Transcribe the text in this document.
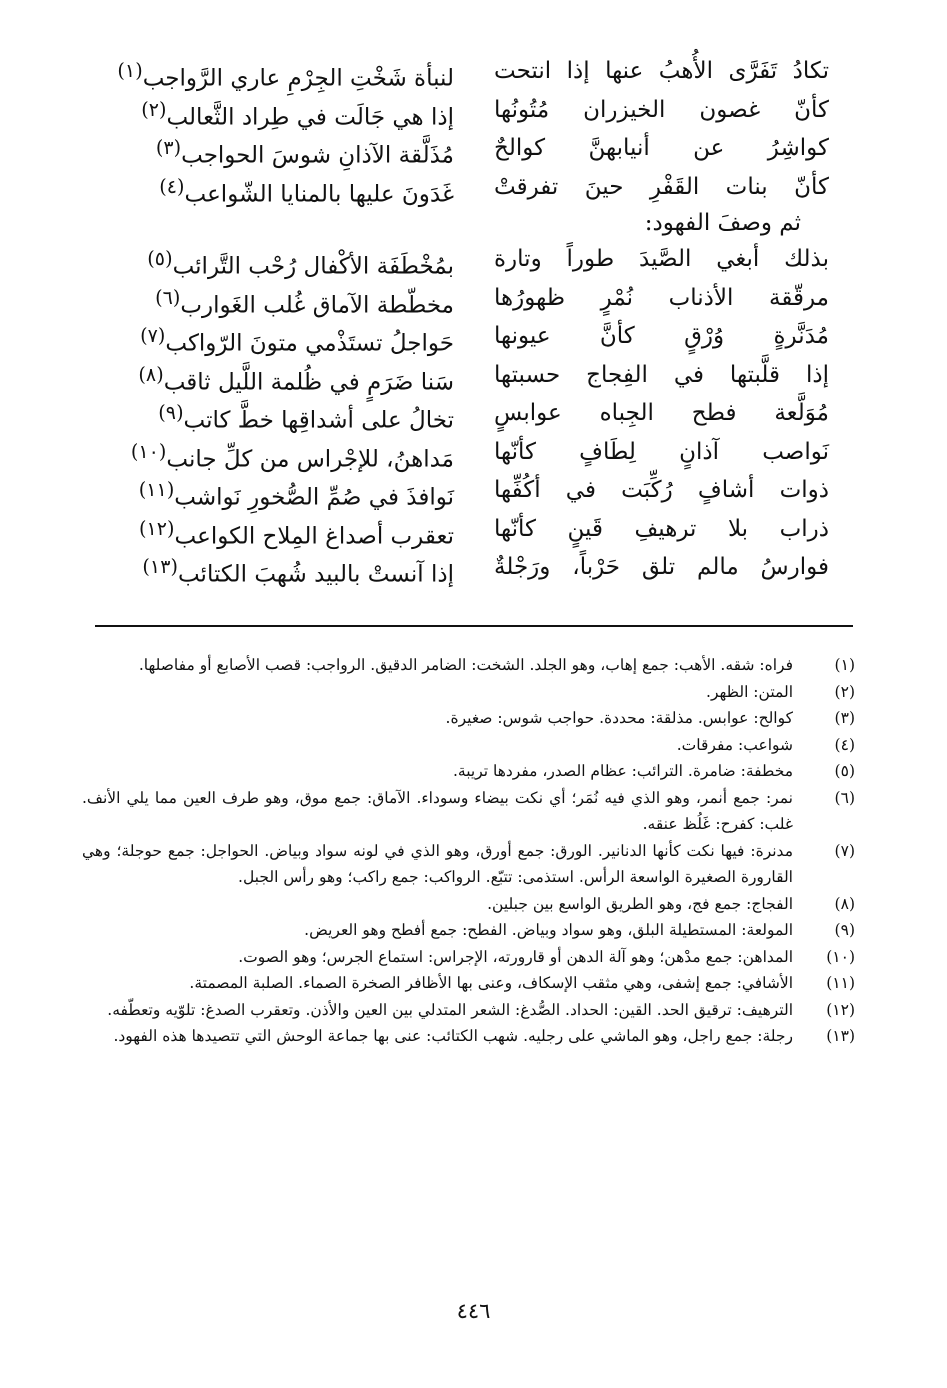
تكادُ تَفَرَّى الأُهبُ عنها إذا انتحت
لنبأة شَخْتِ الجِرْمِ عاري الرَّواجب$^{(١)}$
كأنّ غصون الخيزران مُتُونُها
إذا هي جَالَت في طِراد الثَّعالب$^{(٢)}$
كواشِرُ عن أنيابهنَّ كوالحٌ
مُذَلَّقة الآذانِ شوسَ الحواجب$^{(٣)}$
كأنّ بنات القَفْرِ حينَ تفرقتْ
غَدَونَ عليها بالمنايا الشّواعب$^{(٤)}$
ثم وصفَ الفهود:
بذلك أبغي الصَّيدَ طوراً وتارة
بمُخْطَفَة الأكْفال رُحْب التَّرائب$^{(٥)}$
مرقّقة الأذناب نُمْرٍ ظهورُها
مخطّطة الآماق غُلب الغَوارب$^{(٦)}$
مُدَنَّرةٍ وُرْقٍ كأنَّ عيونها
حَواجلُ تستَذْمي متونَ الرّواكب$^{(٧)}$
إذا قلَّبتها في الفِجاج حسبتها
سَنا ضَرَمٍ في ظُلمة اللَّيل ثاقب$^{(٨)}$
مُوَلَّعة فطح الجِباه عوابسٍ
تخالُ على أشداقِها خطَّ كاتب$^{(٩)}$
نَواصب آذانٍ لِطَافٍ كأنّها
مَداهنُ، للإجْراس من كلِّ جانب$^{(١٠)}$
ذوات أشافٍ رُكِّبَت في أكُفِّها
نَوافذَ في صُمِّ الصُّخورِ نَواشب$^{(١١)}$
ذراب بلا ترهيفِ قَينٍ كأنّها
تعقرب أصداغ المِلاح الكواعب$^{(١٢)}$
فوارسُ مالم تلق حَرْباً، ورَجْلةٌ
إذا آنستْ بالبيد شُهبَ الكتائب$^{(١٣)}$
(١)
فراه: شقه. الأهب: جمع إهاب، وهو الجلد. الشخت: الضامر الدقيق. الرواجب: قصب الأصابع أو مفاصلها.
(٢)
المتن: الظهر.
(٣)
كوالح: عوابس. مذلقة: محددة. حواجب شوس: صغيرة.
(٤)
شواعب: مفرقات.
(٥)
مخطفة: ضامرة. الترائب: عظام الصدر، مفردها تريبة.
(٦)
نمر: جمع أنمر، وهو الذي فيه نُمَر؛ أي نكت بيضاء وسوداء. الآماق: جمع موق، وهو طرف العين مما يلي الأنف. غلب: كفرح: غَلُظ عنقه.
(٧)
مدنرة: فيها نكت كأنها الدنانير. الورق: جمع أورق، وهو الذي في لونه سواد وبياض. الحواجل: جمع حوجلة؛ وهي القارورة الصغيرة الواسعة الرأس. استذمى: تتبّع. الرواكب: جمع راكب؛ وهو رأس الجبل.
(٨)
الفجاج: جمع فج، وهو الطريق الواسع بين جبلين.
(٩)
المولعة: المستطيلة البلق، وهو سواد وبياض. الفطح: جمع أفطح وهو العريض.
(١٠)
المداهن: جمع مدْهن؛ وهو آلة الدهن أو قارورته، الإجراس: استماع الجرس؛ وهو الصوت.
(١١)
الأشافي: جمع إشفى، وهي مثقب الإسكاف، وعنى بها الأظافر الصخرة الصماء. الصلبة المصمتة.
(١٢)
الترهيف: ترقيق الحد. القين: الحداد. الصُّدغ: الشعر المتدلي بين العين والأذن. وتعقرب الصدغ: تلوّيه وتعطّفه.
(١٣)
رجلة: جمع راجل، وهو الماشي على رجليه. شهب الكتائب: عنى بها جماعة الوحش التي تتصيدها هذه الفهود.
٤٤٦
